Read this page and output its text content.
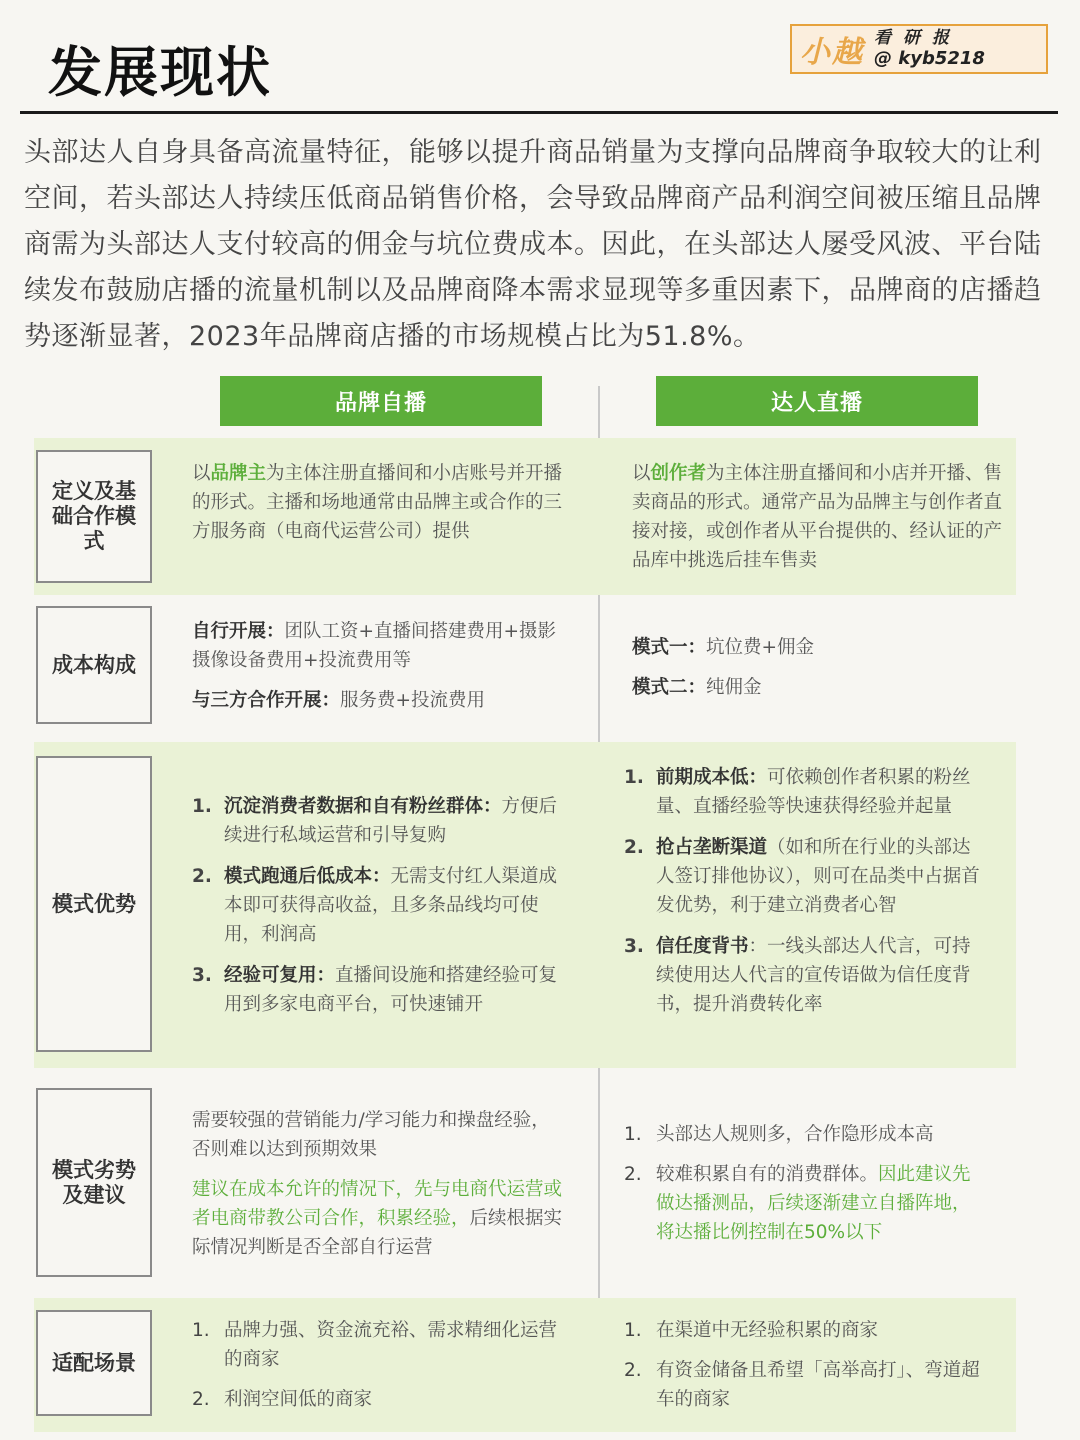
发展现状	小越 看研报
@ kyb5218

头部达人自身具备高流量特征，能够以提升商品销量为支撑向品牌商争取较大的让利空间，若头部达人持续压低商品销售价格，会导致品牌商产品利润空间被压缩且品牌商需为头部达人支付较高的佣金与坑位费成本。因此，在头部达人屡受风波、平台陆续发布鼓励店播的流量机制以及品牌商降本需求显现等多重因素下，品牌商的店播趋势逐渐显著，2023年品牌商店播的市场规模占比为51.8%。

品牌自播	达人直播
定义及基础合作模式

以品牌主为主体注册直播间和小店账号并开播的形式。主播和场地通常由品牌主或合作的三方服务商（电商代运营公司）提供

以创作者为主体注册直播间和小店并开播、售卖商品的形式。通常产品为品牌主与创作者直接对接，或创作者从平台提供的、经认证的产品库中挑选后挂车售卖

成本构成

自行开展：团队工资+直播间搭建费用+摄影摄像设备费用+投流费用等

与三方合作开展：服务费+投流费用

模式一：坑位费+佣金

模式二：纯佣金

模式优势
1. 沉淀消费者数据和自有粉丝群体：方便后续进行私域运营和引导复购
2. 模式跑通后低成本：无需支付红人渠道成本即可获得高收益，且多条品线均可使用，利润高
3. 经验可复用：直播间设施和搭建经验可复用到多家电商平台，可快速铺开
1. 前期成本低：可依赖创作者积累的粉丝量、直播经验等快速获得经验并起量
2. 抢占垄断渠道（如和所在行业的头部达人签订排他协议），则可在品类中占据首发优势，利于建立消费者心智
3. 信任度背书：一线头部达人代言，可持续使用达人代言的宣传语做为信任度背书，提升消费转化率
模式劣势及建议

需要较强的营销能力/学习能力和操盘经验，否则难以达到预期效果

建议在成本允许的情况下，先与电商代运营或者电商带教公司合作，积累经验，后续根据实际情况判断是否全部自行运营

1. 头部达人规则多，合作隐形成本高
2. 较难积累自有的消费群体。因此建议先做达播测品，后续逐渐建立自播阵地，将达播比例控制在50%以下
适配场景
1. 品牌力强、资金流充裕、需求精细化运营的商家
2. 利润空间低的商家
1. 在渠道中无经验积累的商家
2. 有资金储备且希望「高举高打」、弯道超车的商家
